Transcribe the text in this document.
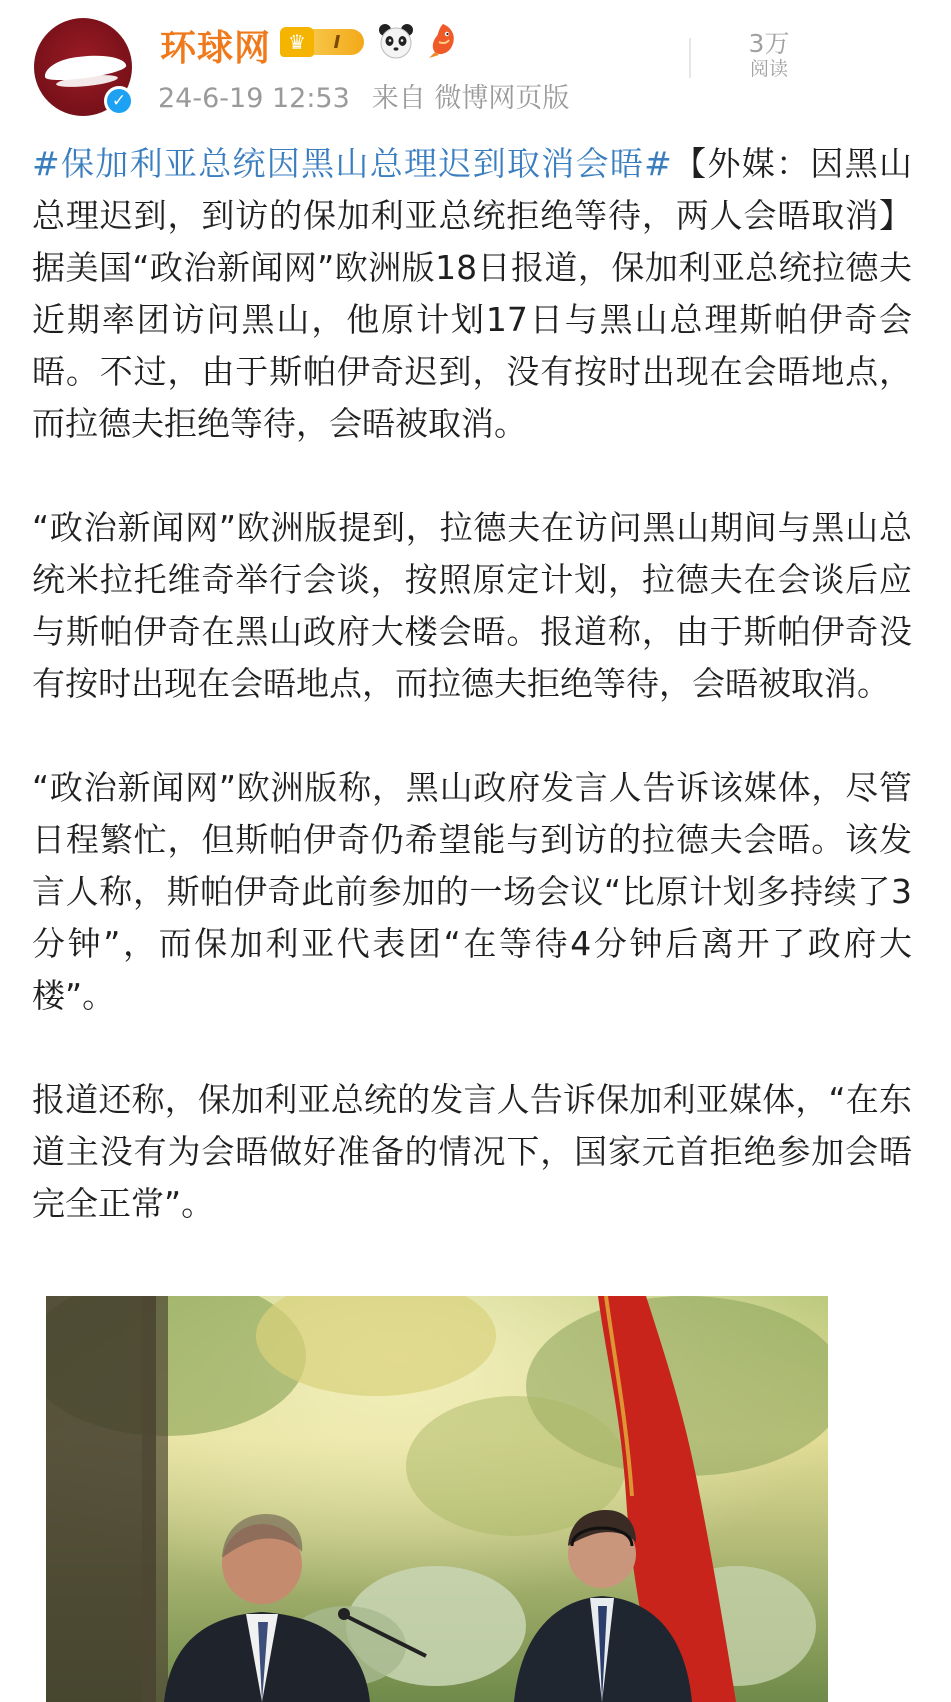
✓
环球网 ♛	I
24-6-19 12:53 来自 微博网页版
3万
阅读

#保加利亚总统因黑山总理迟到取消会晤#【外媒：因黑山总理迟到，到访的保加利亚总统拒绝等待，两人会晤取消】据美国“政治新闻网”欧洲版18日报道，保加利亚总统拉德夫近期率团访问黑山，他原计划17日与黑山总理斯帕伊奇会晤。不过，由于斯帕伊奇迟到，没有按时出现在会晤地点，而拉德夫拒绝等待，会晤被取消。

“政治新闻网”欧洲版提到，拉德夫在访问黑山期间与黑山总统米拉托维奇举行会谈，按照原定计划，拉德夫在会谈后应与斯帕伊奇在黑山政府大楼会晤。报道称，由于斯帕伊奇没有按时出现在会晤地点，而拉德夫拒绝等待，会晤被取消。

“政治新闻网”欧洲版称，黑山政府发言人告诉该媒体，尽管日程繁忙，但斯帕伊奇仍希望能与到访的拉德夫会晤。该发言人称，斯帕伊奇此前参加的一场会议“比原计划多持续了3分钟”，而保加利亚代表团“在等待4分钟后离开了政府大楼”。

报道还称，保加利亚总统的发言人告诉保加利亚媒体，“在东道主没有为会晤做好准备的情况下，国家元首拒绝参加会晤完全正常”。
